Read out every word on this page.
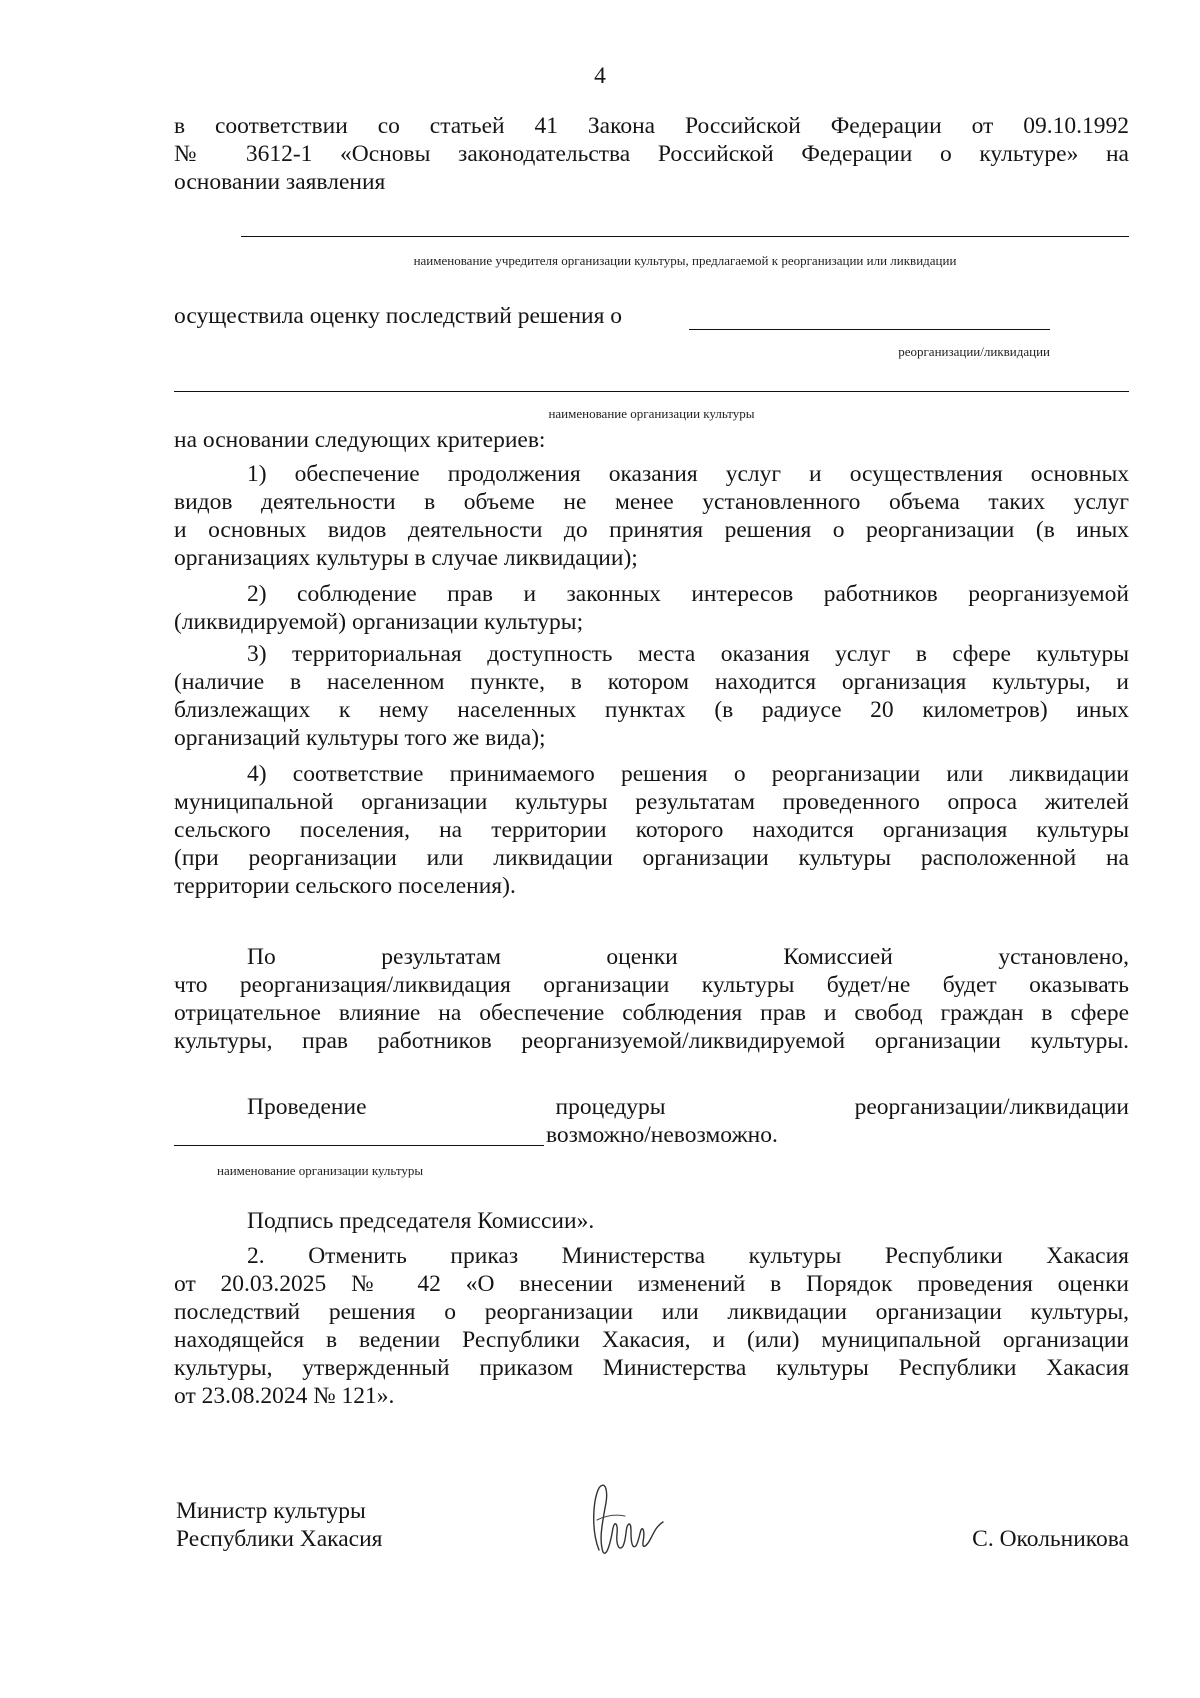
4
в соответствии со статьей 41 Закона Российской Федерации от 09.10.1992
№ 3612-1 «Основы законодательства Российской Федерации о культуре» на
основании заявления
наименование учредителя организации культуры, предлагаемой к реорганизации или ликвидации
осуществила оценку последствий решения о
реорганизации/ликвидации
наименование организации культуры
на основании следующих критериев:
1) обеспечение продолжения оказания услуг и осуществления основных
видов деятельности в объеме не менее установленного объема таких услуг
и основных видов деятельности до принятия решения о реорганизации (в иных
организациях культуры в случае ликвидации);
2) соблюдение прав и законных интересов работников реорганизуемой
(ликвидируемой) организации культуры;
3) территориальная доступность места оказания услуг в сфере культуры
(наличие в населенном пункте, в котором находится организация культуры, и
близлежащих к нему населенных пунктах (в радиусе 20 километров) иных
организаций культуры того же вида);
4) соответствие принимаемого решения о реорганизации или ликвидации
муниципальной организации культуры результатам проведенного опроса жителей
сельского поселения, на территории которого находится организация культуры
(при реорганизации или ликвидации организации культуры расположенной на
территории сельского поселения).
По	результатам	оценки	Комиссией	установлено,
что реорганизация/ликвидация организации культуры будет/не будет оказывать
отрицательное влияние на обеспечение соблюдения прав и свобод граждан в сфере
культуры, прав работников реорганизуемой/ликвидируемой организации культуры.
Проведение	процедуры	реорганизации/ликвидации
возможно/невозможно.
наименование организации культуры
Подпись председателя Комиссии».
2. Отменить приказ Министерства культуры Республики Хакасия
от 20.03.2025 № 42 «О внесении изменений в Порядок проведения оценки
последствий решения о реорганизации или ликвидации организации культуры,
находящейся в ведении Республики Хакасия, и (или) муниципальной организации
культуры, утвержденный приказом Министерства культуры Республики Хакасия
от 23.08.2024 № 121».
Министр культуры
Республики Хакасия	С. Окольникова
